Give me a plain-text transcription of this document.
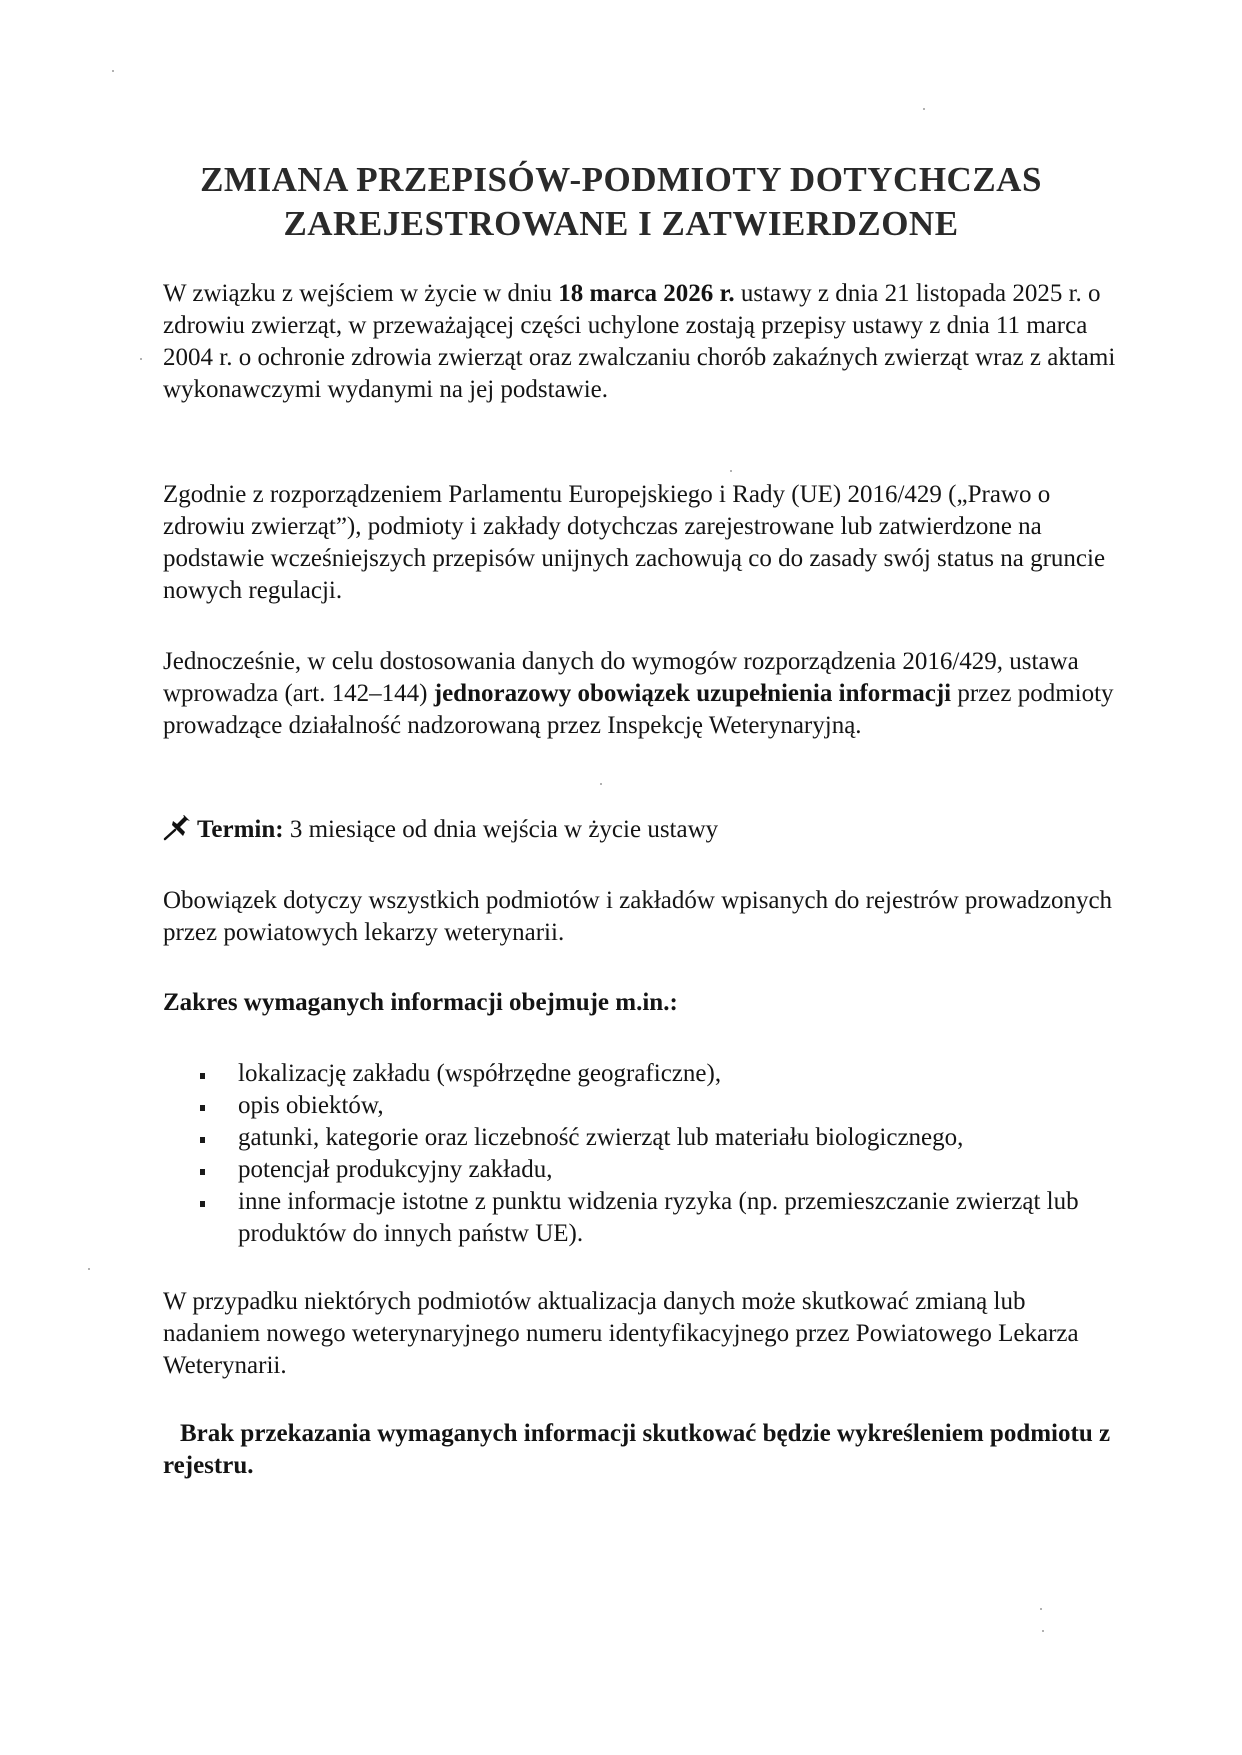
ZMIANA PRZEPISÓW-PODMIOTY DOTYCHCZAS
ZAREJESTROWANE I ZATWIERDZONE

W związku z wejściem w życie w dniu 18 marca 2026 r. ustawy z dnia 21 listopada 2025 r. o zdrowiu zwierząt, w przeważającej części uchylone zostają przepisy ustawy z dnia 11 marca 2004 r. o ochronie zdrowia zwierząt oraz zwalczaniu chorób zakaźnych zwierząt wraz z aktami wykonawczymi wydanymi na jej podstawie.

Zgodnie z rozporządzeniem Parlamentu Europejskiego i Rady (UE) 2016/429 („Prawo o zdrowiu zwierząt”), podmioty i zakłady dotychczas zarejestrowane lub zatwierdzone na podstawie wcześniejszych przepisów unijnych zachowują co do zasady swój status na gruncie nowych regulacji.

Jednocześnie, w celu dostosowania danych do wymogów rozporządzenia 2016/429, ustawa wprowadza (art. 142–144) jednorazowy obowiązek uzupełnienia informacji przez podmioty prowadzące działalność nadzorowaną przez Inspekcję Weterynaryjną.

Termin: 3 miesiące od dnia wejścia w życie ustawy

Obowiązek dotyczy wszystkich podmiotów i zakładów wpisanych do rejestrów prowadzonych przez powiatowych lekarzy weterynarii.

Zakres wymaganych informacji obejmuje m.in.:

lokalizację zakładu (współrzędne geograficzne),
opis obiektów,
gatunki, kategorie oraz liczebność zwierząt lub materiału biologicznego,
potencjał produkcyjny zakładu,
inne informacje istotne z punktu widzenia ryzyka (np. przemieszczanie zwierząt lub produktów do innych państw UE).

W przypadku niektórych podmiotów aktualizacja danych może skutkować zmianą lub nadaniem nowego weterynaryjnego numeru identyfikacyjnego przez Powiatowego Lekarza Weterynarii.

Brak przekazania wymaganych informacji skutkować będzie wykreśleniem podmiotu z rejestru.
